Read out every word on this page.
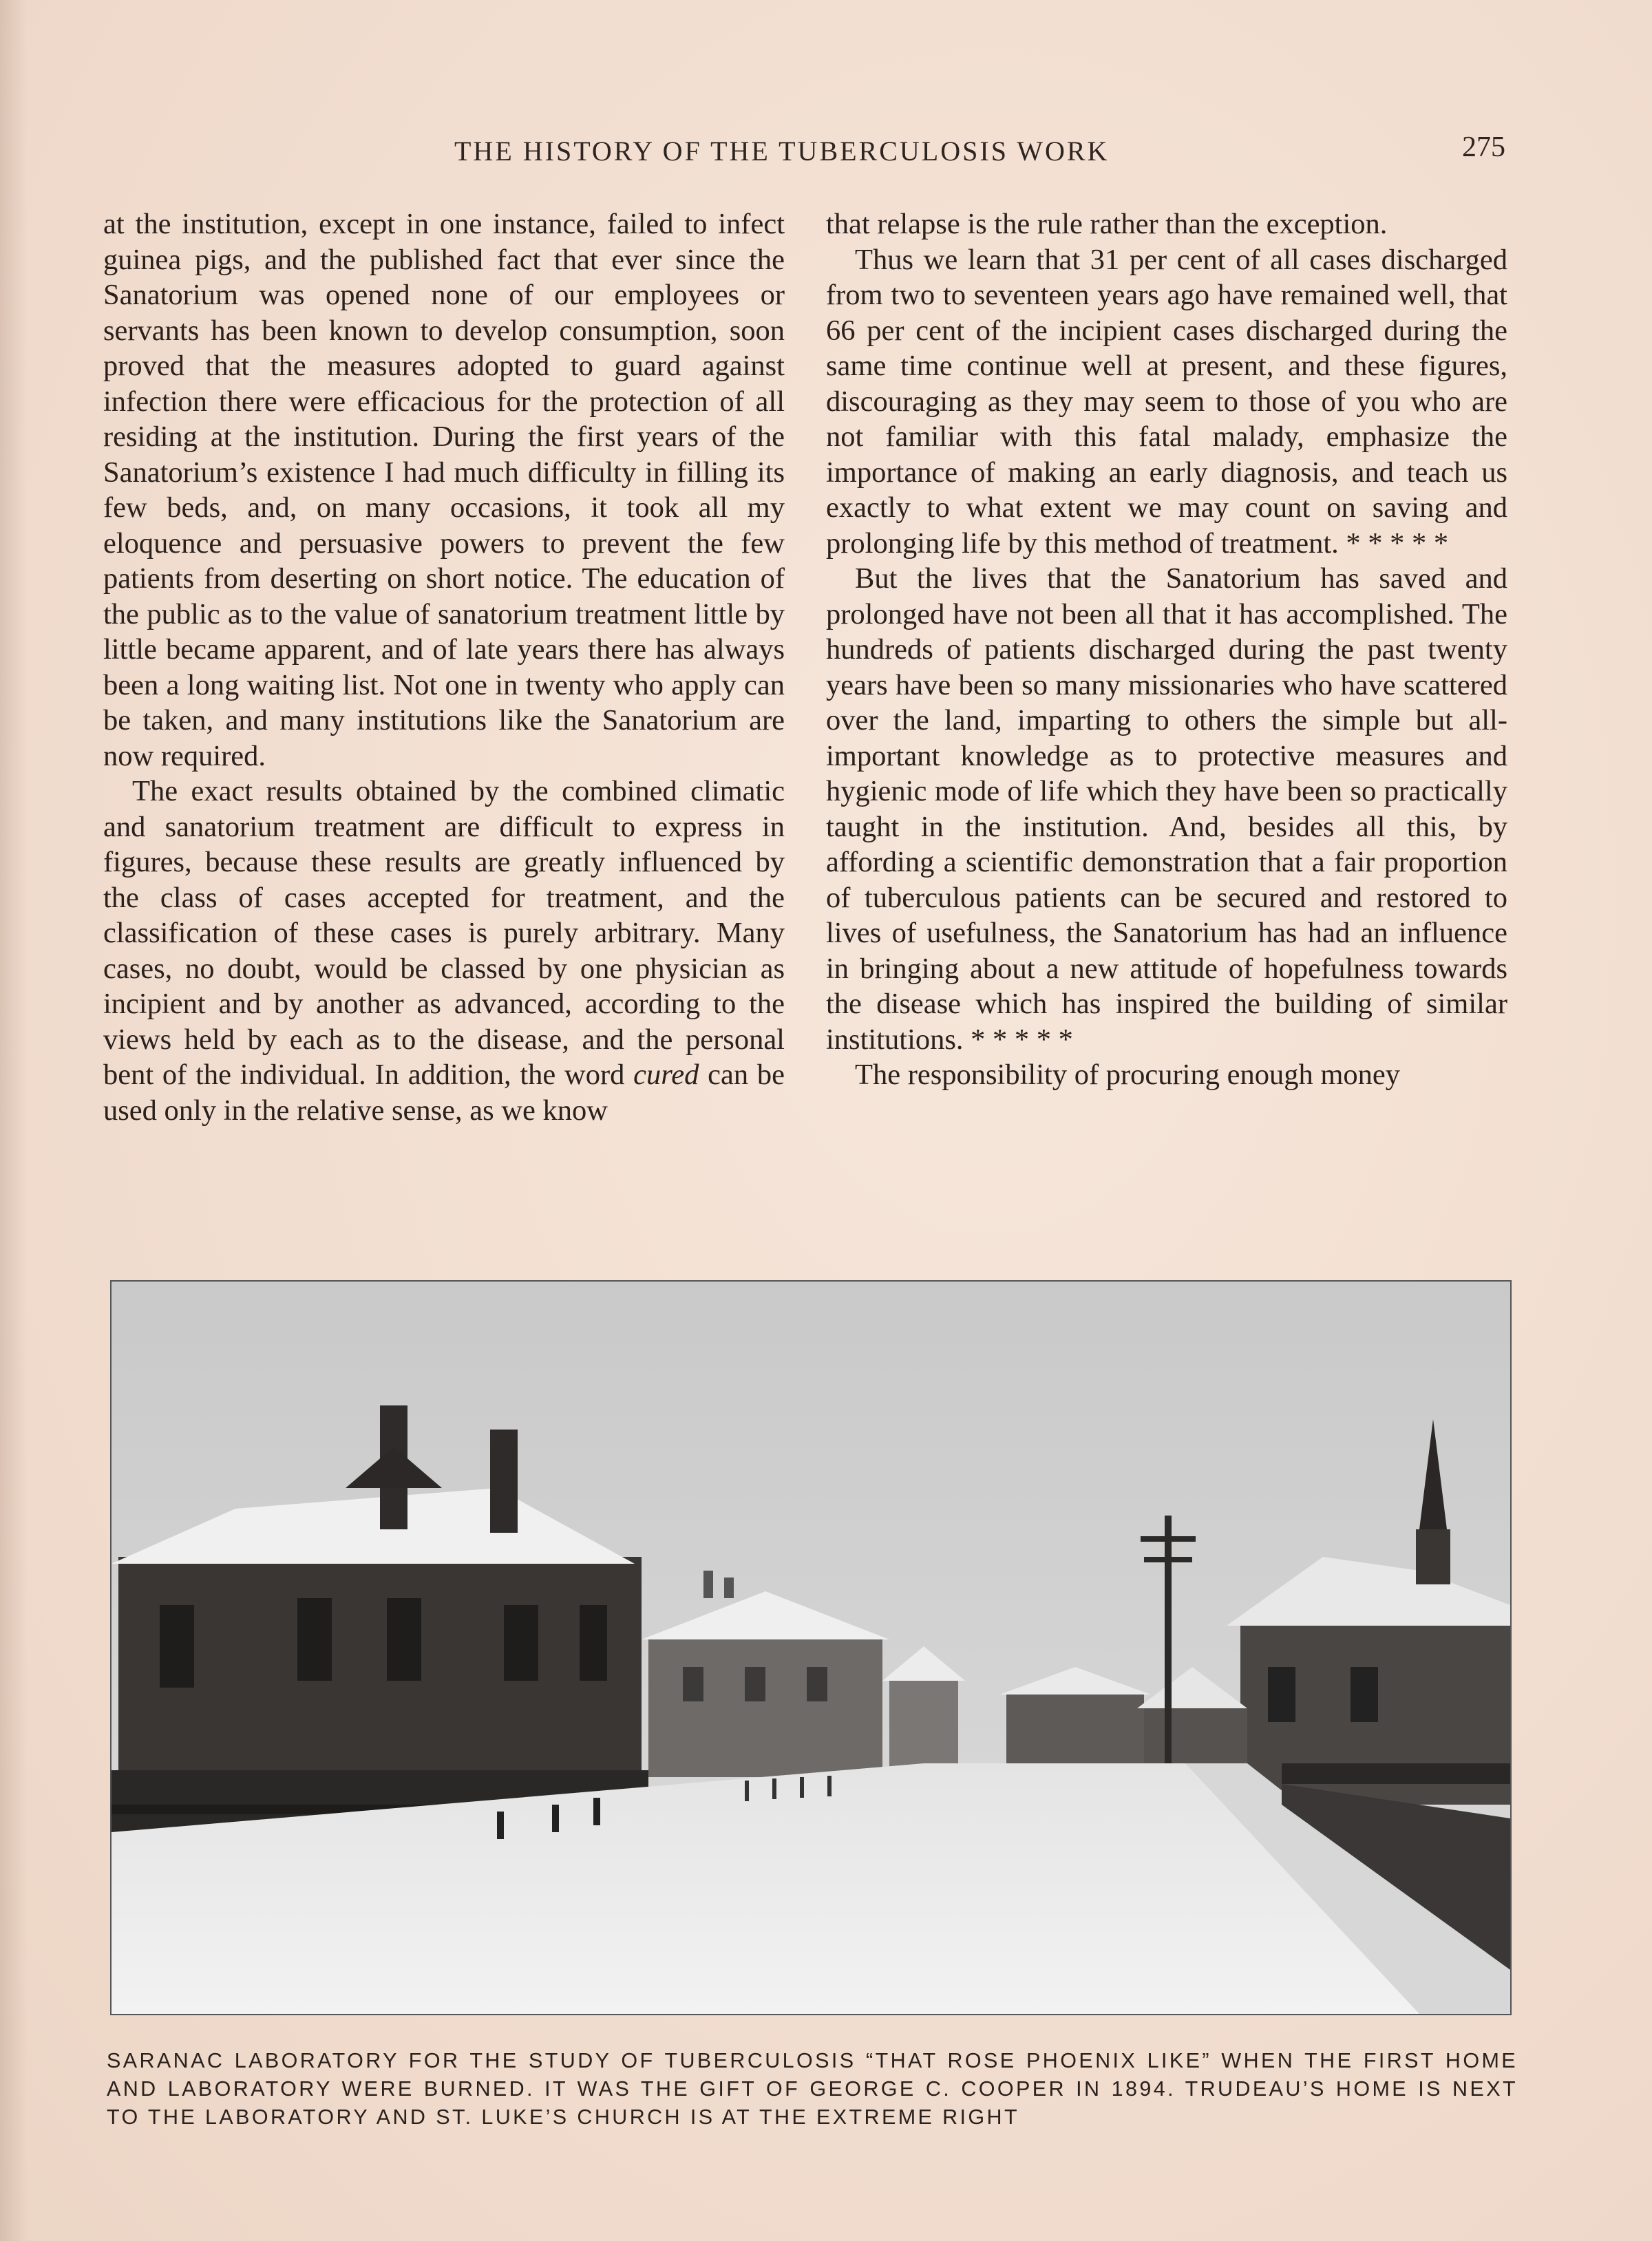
THE HISTORY OF THE TUBERCULOSIS WORK	275

at the institution, except in one instance, failed to infect guinea pigs, and the published fact that ever since the Sanatorium was opened none of our employees or servants has been known to develop consumption, soon proved that the measures adopted to guard against infection there were efficacious for the protection of all residing at the institution. During the first years of the Sanatorium’s existence I had much difficulty in filling its few beds, and, on many occasions, it took all my eloquence and persuasive powers to prevent the few patients from deserting on short notice. The education of the public as to the value of sanatorium treatment little by little became apparent, and of late years there has always been a long waiting list. Not one in twenty who apply can be taken, and many institutions like the Sanatorium are now required.

The exact results obtained by the combined climatic and sanatorium treatment are difficult to express in figures, because these results are greatly influenced by the class of cases accepted for treatment, and the classification of these cases is purely arbitrary. Many cases, no doubt, would be classed by one physician as incipient and by another as advanced, according to the views held by each as to the disease, and the personal bent of the individual. In addition, the word cured can be used only in the relative sense, as we know

that relapse is the rule rather than the exception.

Thus we learn that 31 per cent of all cases discharged from two to seventeen years ago have remained well, that 66 per cent of the incipient cases discharged during the same time continue well at present, and these figures, discouraging as they may seem to those of you who are not familiar with this fatal malady, emphasize the importance of making an early diagnosis, and teach us exactly to what extent we may count on saving and prolonging life by this method of treatment. * * * * *

But the lives that the Sanatorium has saved and prolonged have not been all that it has accomplished. The hundreds of patients discharged during the past twenty years have been so many missionaries who have scattered over the land, imparting to others the simple but all-important knowledge as to protective measures and hygienic mode of life which they have been so practically taught in the institution. And, besides all this, by affording a scientific demonstration that a fair proportion of tuberculous patients can be secured and restored to lives of usefulness, the Sanatorium has had an influence in bringing about a new attitude of hopefulness towards the disease which has inspired the building of similar institutions. * * * * *

The responsibility of procuring enough money

SARANAC LABORATORY FOR THE STUDY OF TUBERCULOSIS “THAT ROSE PHOENIX LIKE” WHEN THE FIRST HOME AND LABORATORY WERE BURNED. IT WAS THE GIFT OF GEORGE C. COOPER IN 1894. TRUDEAU’S HOME IS NEXT TO THE LABORATORY AND ST. LUKE’S CHURCH IS AT THE EXTREME RIGHT
